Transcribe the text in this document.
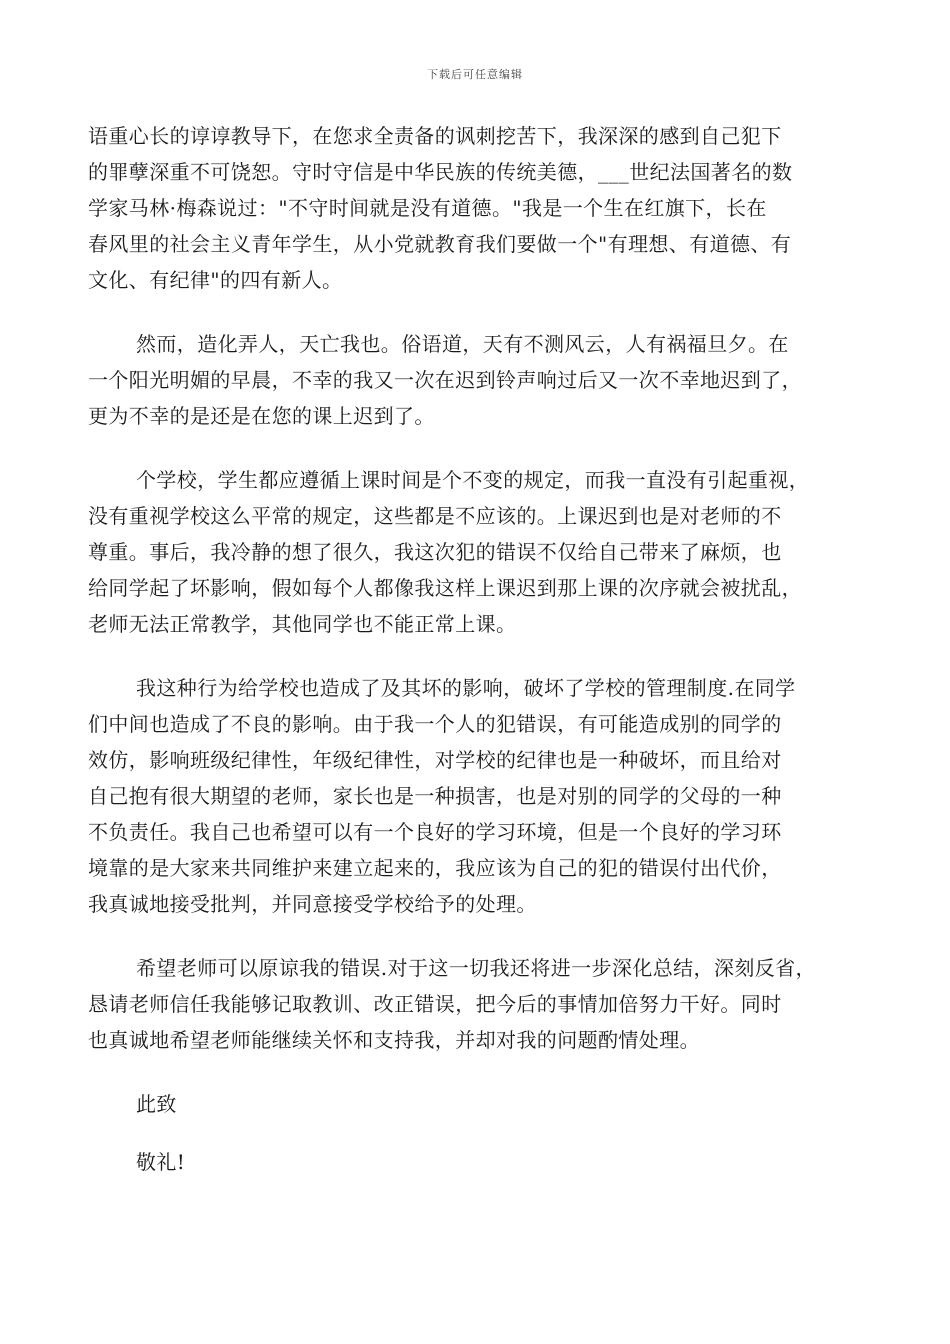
下载后可任意编辑
语重心长的谆谆教导下，在您求全责备的讽刺挖苦下，我深深的感到自己犯下
的罪孽深重不可饶恕。守时守信是中华民族的传统美德，___世纪法国著名的数
学家马林·梅森说过："不守时间就是没有道德。"我是一个生在红旗下，长在
春风里的社会主义青年学生，从小党就教育我们要做一个"有理想、有道德、有
文化、有纪律"的四有新人。
然而，造化弄人，天亡我也。俗语道，天有不测风云，人有祸福旦夕。在
一个阳光明媚的早晨，不幸的我又一次在迟到铃声响过后又一次不幸地迟到了，
更为不幸的是还是在您的课上迟到了。
个学校，学生都应遵循上课时间是个不变的规定，而我一直没有引起重视，
没有重视学校这么平常的规定，这些都是不应该的。上课迟到也是对老师的不
尊重。事后，我冷静的想了很久，我这次犯的错误不仅给自己带来了麻烦，也
给同学起了坏影响，假如每个人都像我这样上课迟到那上课的次序就会被扰乱，
老师无法正常教学，其他同学也不能正常上课。
我这种行为给学校也造成了及其坏的影响，破坏了学校的管理制度.在同学
们中间也造成了不良的影响。由于我一个人的犯错误，有可能造成别的同学的
效仿，影响班级纪律性，年级纪律性，对学校的纪律也是一种破坏，而且给对
自己抱有很大期望的老师，家长也是一种损害，也是对别的同学的父母的一种
不负责任。我自己也希望可以有一个良好的学习环境，但是一个良好的学习环
境靠的是大家来共同维护来建立起来的，我应该为自己的犯的错误付出代价，
我真诚地接受批判，并同意接受学校给予的处理。
希望老师可以原谅我的错误.对于这一切我还将进一步深化总结，深刻反省，
恳请老师信任我能够记取教训、改正错误，把今后的事情加倍努力干好。同时
也真诚地希望老师能继续关怀和支持我，并却对我的问题酌情处理。
此致
敬礼!
